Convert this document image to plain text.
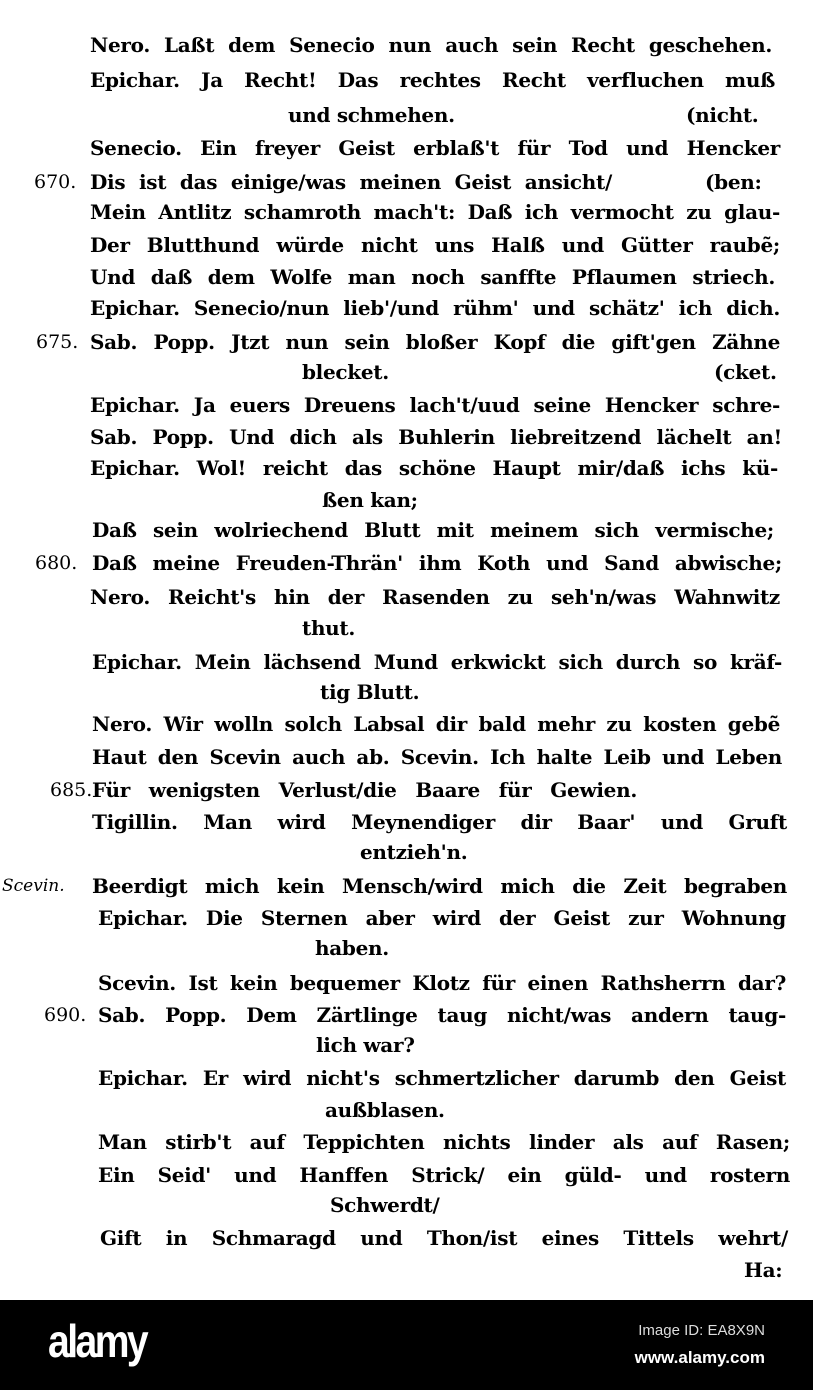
Nero. Laßt dem Senecio nun auch sein Recht geschehen.
Epichar. Ja Recht! Das rechtes Recht verfluchen muß
und schmehen.	(nicht.
Senecio. Ein freyer Geist erblaß't für Tod und Hencker
Dis ist das einige/was meinen Geist ansicht/
670.	(ben:
Mein Antlitz schamroth mach't: Daß ich vermocht zu glau-
Der Blutthund würde nicht uns Halß und Gütter raubẽ;
Und daß dem Wolfe man noch sanffte Pflaumen striech.
Epichar. Senecio/nun lieb'/und rühm' und schätz' ich dich.
Sab. Popp. Jtzt nun sein bloßer Kopf die gift'gen Zähne
675.
blecket.	(cket.
Epichar. Ja euers Dreuens lach't/uud seine Hencker schre-
Sab. Popp. Und dich als Buhlerin liebreitzend lächelt an!
Epichar. Wol! reicht das schöne Haupt mir/daß ichs kü-
ßen kan;
Daß sein wolriechend Blutt mit meinem sich vermische;
Daß meine Freuden-Thrän' ihm Koth und Sand abwische;
680.
Nero. Reicht's hin der Rasenden zu seh'n/was Wahnwitz
thut.
Epichar. Mein lächsend Mund erkwickt sich durch so kräf-
tig Blutt.
Nero. Wir wolln solch Labsal dir bald mehr zu kosten gebẽ
Haut den Scevin auch ab. Scevin. Ich halte Leib und Leben
Für wenigsten Verlust/die Baare für Gewien.
685.
Tigillin. Man wird Meynendiger dir Baar' und Gruft
entzieh'n.
Beerdigt mich kein Mensch/wird mich die Zeit begraben
Scevin.
Epichar. Die Sternen aber wird der Geist zur Wohnung
haben.
Scevin. Ist kein bequemer Klotz für einen Rathsherrn dar?
Sab. Popp. Dem Zärtlinge taug nicht/was andern taug-
690.
lich war?
Epichar. Er wird nicht's schmertzlicher darumb den Geist
außblasen.
Man stirb't auf Teppichten nichts linder als auf Rasen;
Ein Seid' und Hanffen Strick/ ein güld- und rostern
Schwerdt/
Gift in Schmaragd und Thon/ist eines Tittels wehrt/
Ha:
alamy	Image ID: EA8X9N
www.alamy.com
